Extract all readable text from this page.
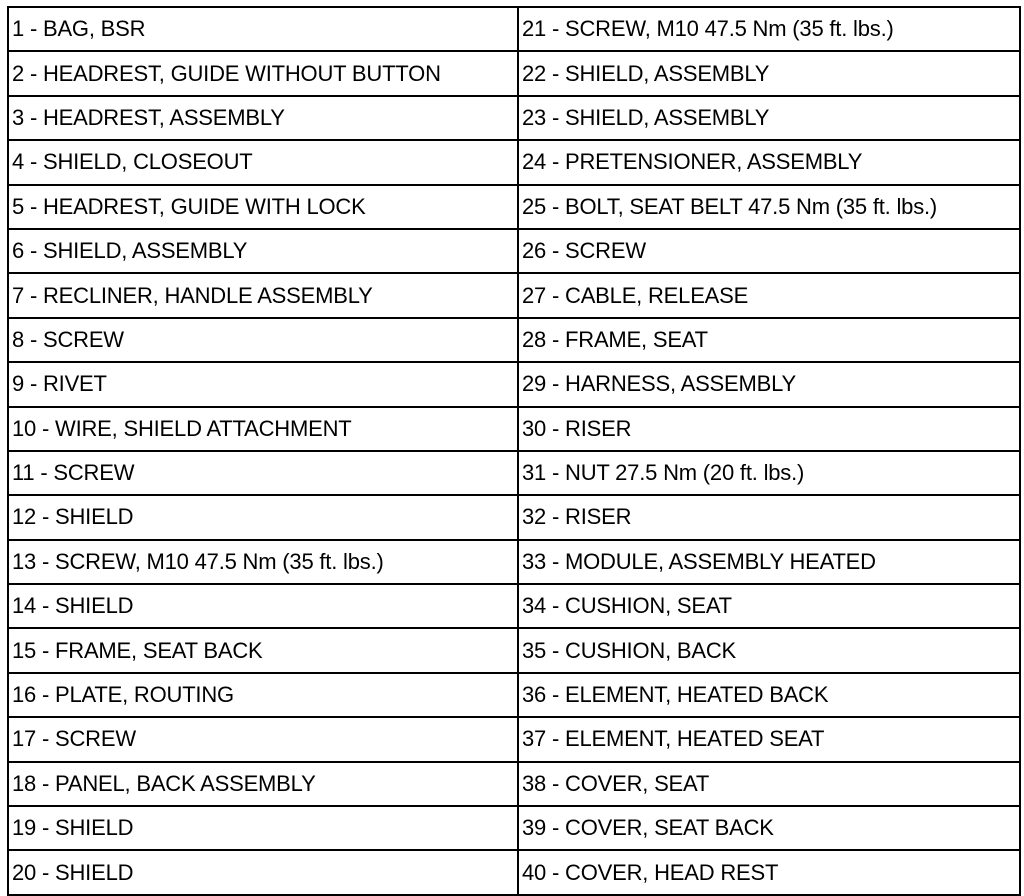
1 - BAG, BSR	21 - SCREW, M10 47.5 Nm (35 ft. lbs.)
2 - HEADREST, GUIDE WITHOUT BUTTON	22 - SHIELD, ASSEMBLY
3 - HEADREST, ASSEMBLY	23 - SHIELD, ASSEMBLY
4 - SHIELD, CLOSEOUT	24 - PRETENSIONER, ASSEMBLY
5 - HEADREST, GUIDE WITH LOCK	25 - BOLT, SEAT BELT 47.5 Nm (35 ft. lbs.)
6 - SHIELD, ASSEMBLY	26 - SCREW
7 - RECLINER, HANDLE ASSEMBLY	27 - CABLE, RELEASE
8 - SCREW	28 - FRAME, SEAT
9 - RIVET	29 - HARNESS, ASSEMBLY
10 - WIRE, SHIELD ATTACHMENT	30 - RISER
11 - SCREW	31 - NUT 27.5 Nm (20 ft. lbs.)
12 - SHIELD	32 - RISER
13 - SCREW, M10 47.5 Nm (35 ft. lbs.)	33 - MODULE, ASSEMBLY HEATED
14 - SHIELD	34 - CUSHION, SEAT
15 - FRAME, SEAT BACK	35 - CUSHION, BACK
16 - PLATE, ROUTING	36 - ELEMENT, HEATED BACK
17 - SCREW	37 - ELEMENT, HEATED SEAT
18 - PANEL, BACK ASSEMBLY	38 - COVER, SEAT
19 - SHIELD	39 - COVER, SEAT BACK
20 - SHIELD	40 - COVER, HEAD REST
